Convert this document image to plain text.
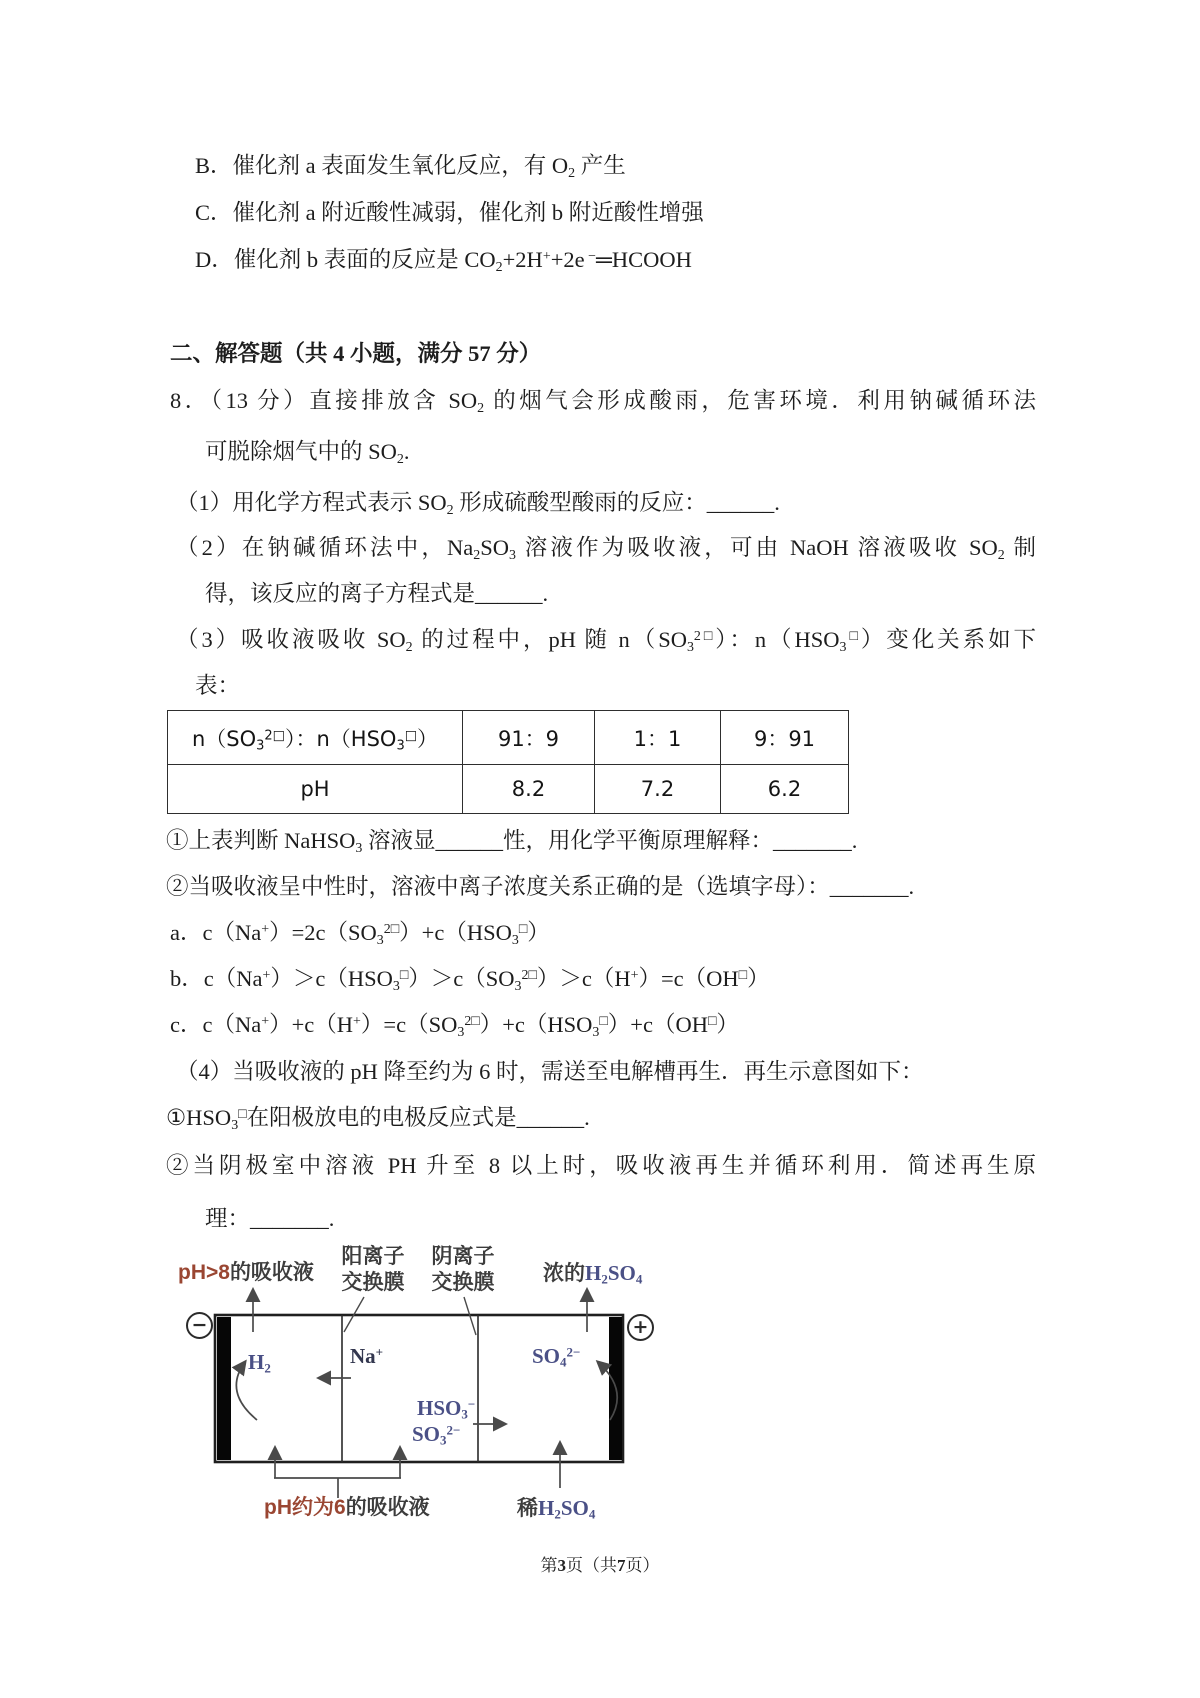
B．催化剂 a 表面发生氧化反应，有 $O_2$ 产生
C．催化剂 a 附近酸性减弱，催化剂 b 附近酸性增强
D．催化剂 b 表面的反应是 $CO_2+2H^++2e$ −═HCOOH
二、解答题（共 4 小题，满分 57 分）
8．（13 分）直接排放含 $SO_2$ 的烟气会形成酸雨，危害环境．利用钠碱循环法
可脱除烟气中的 $SO_2$.
（1）用化学方程式表示 $SO_2$ 形成硫酸型酸雨的反应：______.
（2）在钠碱循环法中，$Na_2SO_3$ 溶液作为吸收液，可由 NaOH 溶液吸收 $SO_2$ 制
得，该反应的离子方程式是______.
（3）吸收液吸收 $SO_2$ 的过程中，pH 随 $n(SO_3^{2□})$：$n(HSO_3^□)$变化关系如下
表：
$n(SO_3^{2□})$：$n(HSO_3^□)$	91：9	1：1	9：91
pH	8.2	7.2	6.2
①上表判断 NaHSO$_3$ 溶液显______性，用化学平衡原理解释：_______.
②当吸收液呈中性时，溶液中离子浓度关系正确的是（选填字母）：_______.
a．$c(Na^+)=2c(SO_3^{2□})+c(HSO_3^□)$
b．$c(Na^+)>c(HSO_3^□)>c(SO_3^{2□})>c(H^+)=c(OH^□)$
c．$c(Na^+)+c(H^+)=c(SO_3^{2□})+c(HSO_3^□)+c(OH^□)$
（4）当吸收液的 pH 降至约为 6 时，需送至电解槽再生．再生示意图如下：
$①HSO_3^□$在阳极放电的电极反应式是______.
②当阴极室中溶液 PH 升至 8 以上时，吸收液再生并循环利用．简述再生原
理：_______.
−	+
pH>8的吸收液
阳离子
交换膜
阴离子
交换膜 浓的$H_2SO_4$
$H_2$
Na+
$HSO_3^-$
$SO_3^{2-}$
$SO_4^{2-}$
pH约为6的吸收液	稀$H_2SO_4$
第3页（共7页）
